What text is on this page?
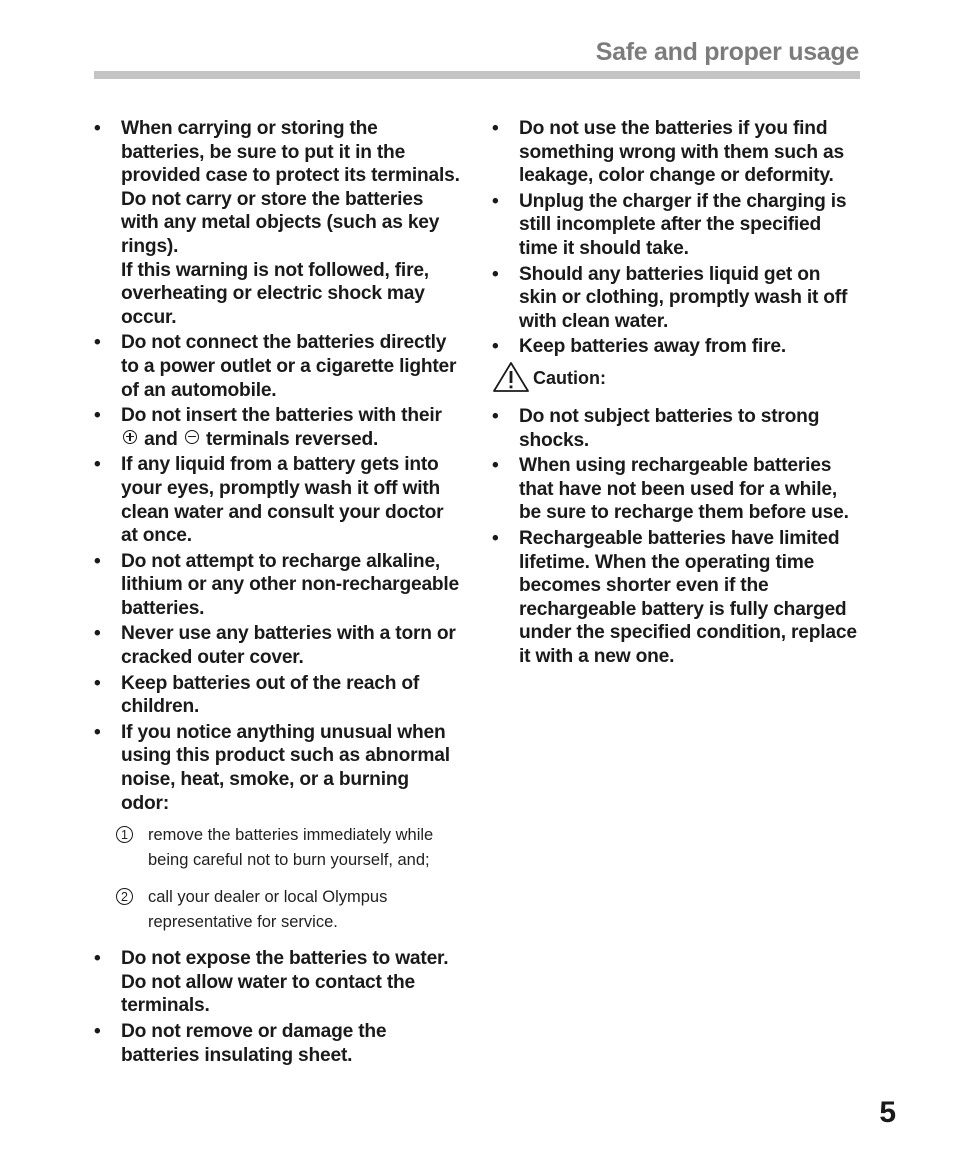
Safe and proper usage
•	When carrying or storing the batteries, be sure to put it in the provided case to protect its terminals. Do not carry or store the batteries with any metal objects (such as key rings).
If this warning is not followed, fire, overheating or electric shock may occur.
•	Do not connect the batteries directly to a power outlet or a cigarette lighter of an automobile.
•	Do not insert the batteries with their  and terminals reversed.
•	If any liquid from a battery gets into your eyes, promptly wash it off with clean water and consult your doctor at once.
•	Do not attempt to recharge alkaline, lithium or any other non-rechargeable batteries.
•	Never use any batteries with a torn or cracked outer cover.
•	Keep batteries out of the reach of children.
•	If you notice anything unusual when using this product such as abnormal noise, heat, smoke, or a burning odor:
1	remove the batteries immediately while being careful not to burn yourself, and;
2	call your dealer or local Olympus representative for service.
•	Do not expose the batteries to water. Do not allow water to contact the terminals.
•	Do not remove or damage the batteries insulating sheet.
•	Do not use the batteries if you find something wrong with them such as leakage, color change or deformity.
•	Unplug the charger if the charging is still incomplete after the specified time it should take.
•	Should any batteries liquid get on skin or clothing, promptly wash it off with clean water.
•	Keep batteries away from fire.
Caution:
•	Do not subject batteries to strong shocks.
•	When using rechargeable batteries that have not been used for a while, be sure to recharge them before use.
•	Rechargeable batteries have limited lifetime. When the operating time becomes shorter even if the rechargeable battery is fully charged under the specified condition, replace it with a new one.
5
